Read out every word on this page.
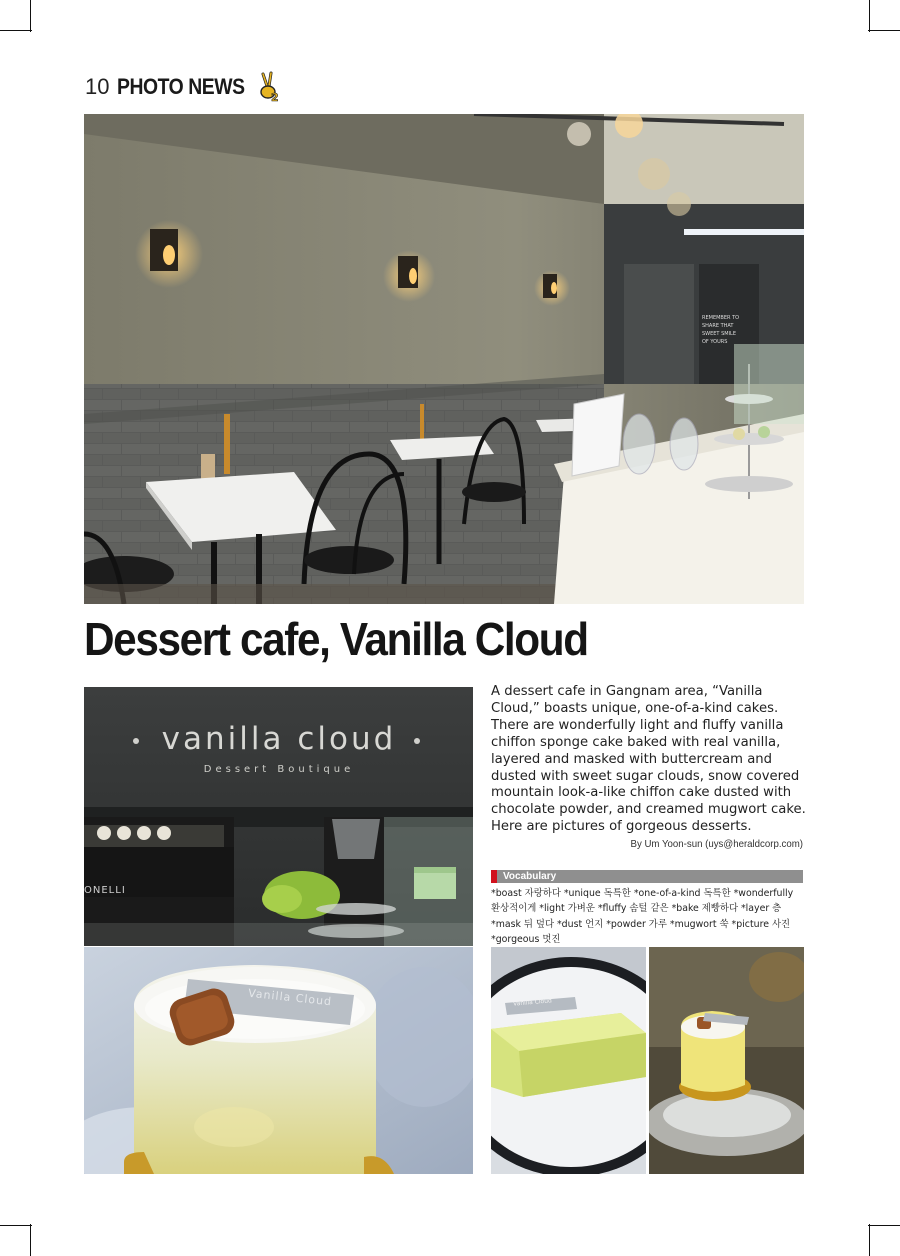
10 PHOTO NEWS 2
REMEMBER TO
SHARE THAT
SWEET SMILE
OF YOURS
Dessert cafe, Vanilla Cloud
vanilla cloud
Dessert Boutique
ONELLI
A dessert cafe in Gangnam area, “Vanilla Cloud,” boasts unique, one-of-a-kind cakes. There are wonderfully light and fluffy vanilla chiffon sponge cake baked with real vanilla, layered and masked with buttercream and dusted with sweet sugar clouds, snow covered mountain look-a-like chiffon cake dusted with chocolate powder, and creamed mugwort cake. Here are pictures of gorgeous desserts.
By Um Yoon-sun (uys@heraldcorp.com)
Vocabulary
*boast 자랑하다 *unique 독특한 *one-of-a-kind 독특한 *wonderfully 환상적이게 *light 가벼운 *fluffy 솜털 같은 *bake 제빵하다 *layer 층 *mask 뒤 덮다 *dust 언지 *powder 가루 *mugwort 쑥 *picture 사진 *gorgeous 멋진
Vanilla Cloud	Vanilla Cloud
